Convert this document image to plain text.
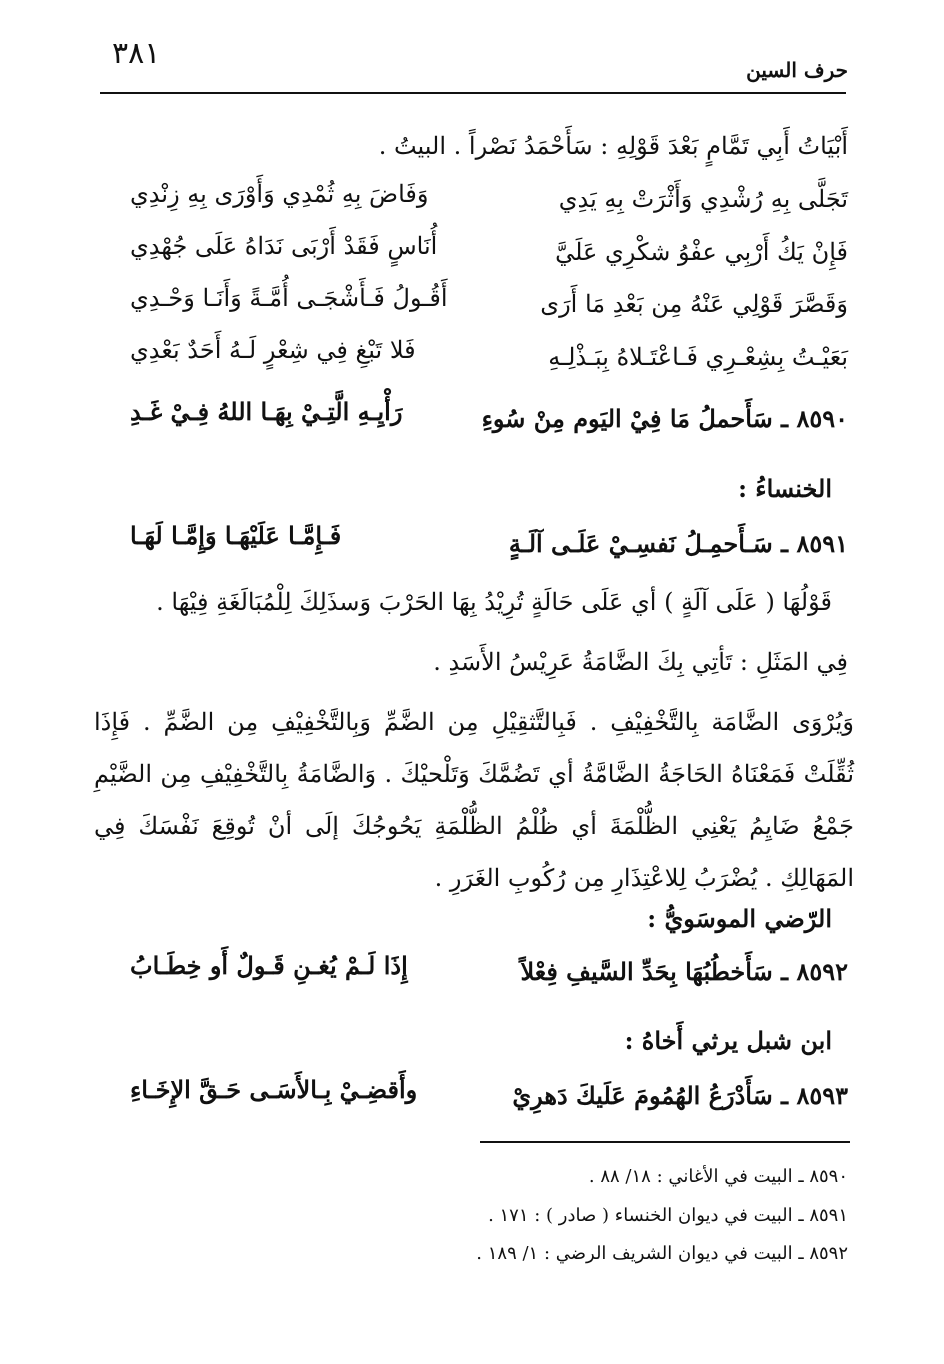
٣٨١	حرف السين
أَبْيَاتُ أَبِي تَمَّامٍ بَعْدَ قَوْلِهِ : سَأَحْمَدُ نَصْراً . البيتُ .
تَجَلَّى بِهِ رُشْدِي وَأَثْرَتْ بِهِ يَدِي
وَفَاضَ بِهِ ثُمْدِي وَأَوْرَى بِهِ زِنْدِي
فَإِنْ يَكُ أَرْبِي عفْوُ شكْرِي عَلَيَّ
أُنَاسٍ فَقَدْ أَرْبَى نَدَاهُ عَلَى جُهْدِي
وَقَصَّرَ قَوْلِي عَنْهُ مِن بَعْدِ مَا أَرَى
أَقُـولُ فَـأَشْجَـى أُمَّـةً وَأَنَـا وَحْـدِي
بَعَيْـتُ بِشِعْـرِي فَـاعْتَـلاهُ بِبَـذْلِـهِ
فَلا تَبْغِ فِي شِعْرٍ لَـهُ أَحَدٌ بَعْدِي
٨٥٩٠ ـ سَأَحملُ مَا فِيْ اليَوم مِنْ سُوءِ
رَأْيِـهِ الَّتِـيْ بِهَـا اللهُ فِـيْ غَـدِ
الخنساءُ :
٨٥٩١ ـ سَـأَحمِـلُ نَفسِـيْ عَلَـى آلَـةٍ
فَـإِمَّـا عَلَيْهَـا وَإِمَّـا لَهَـا
قَوْلُهَا ( عَلَى آلَةٍ ) أي عَلَى حَالَةٍ تُرِيْدُ بِهَا الحَرْبَ وَسذَلِكَ لِلْمُبَالَغَةِ فِيْهَا .
فِي المَثَلِ : تَأتِي بِكَ الضَّامَةُ عَرِيْسُ الأَسَدِ .
وَيُرْوَى الضَّامَة بِالتَّخْفِيْفِ . فَبِالتَّثقِيْلِ مِن الضَّمِّ وَبِالتَّخْفِيْفِ مِن الضَّمِّ . فَإِذَا ثُقِّلَتْ فَمَعْنَاهُ الحَاجَةُ الضَّامَّةُ أي تَضُمَّكَ وَتَلْحيْكَ . وَالضَّامَةُ بِالتَّخْفِيْفِ مِن الضَّيْمِ جَمْعُ ضَايِمُ يَعْنِي الظُّلْمَةَ أي ظُلْمُ الظُّلْمَةِ يَحُوجُكَ إلَى أنْ تُوقِعَ نَفْسَكَ فِي المَهَالِكِ . يُضْرَبُ لِلاعْتِذَارِ مِن رُكُوبِ الغَرَرِ .
الرّضي الموسَويُّ :
٨٥٩٢ ـ سَأَخطُبُهَا بِحَدِّ السَّيفِ فِعْلاً
إِذَا لَـمْ يُغـنِ قَـولٌ أَو خِطَـابُ
ابن شبل يرثي أَخاهُ :
٨٥٩٣ ـ سَأَدْرَعُ الهُمُومَ عَلَيكَ دَهرِيْ
وأَقضِـيْ بِـالأَسَـى حَـقَّ الإِخَـاءِ
٨٥٩٠ ـ البيت في الأغاني : ١٨/ ٨٨ .
٨٥٩١ ـ البيت في ديوان الخنساء ( صادر ) : ١٧١ .
٨٥٩٢ ـ البيت في ديوان الشريف الرضي : ١/ ١٨٩ .
